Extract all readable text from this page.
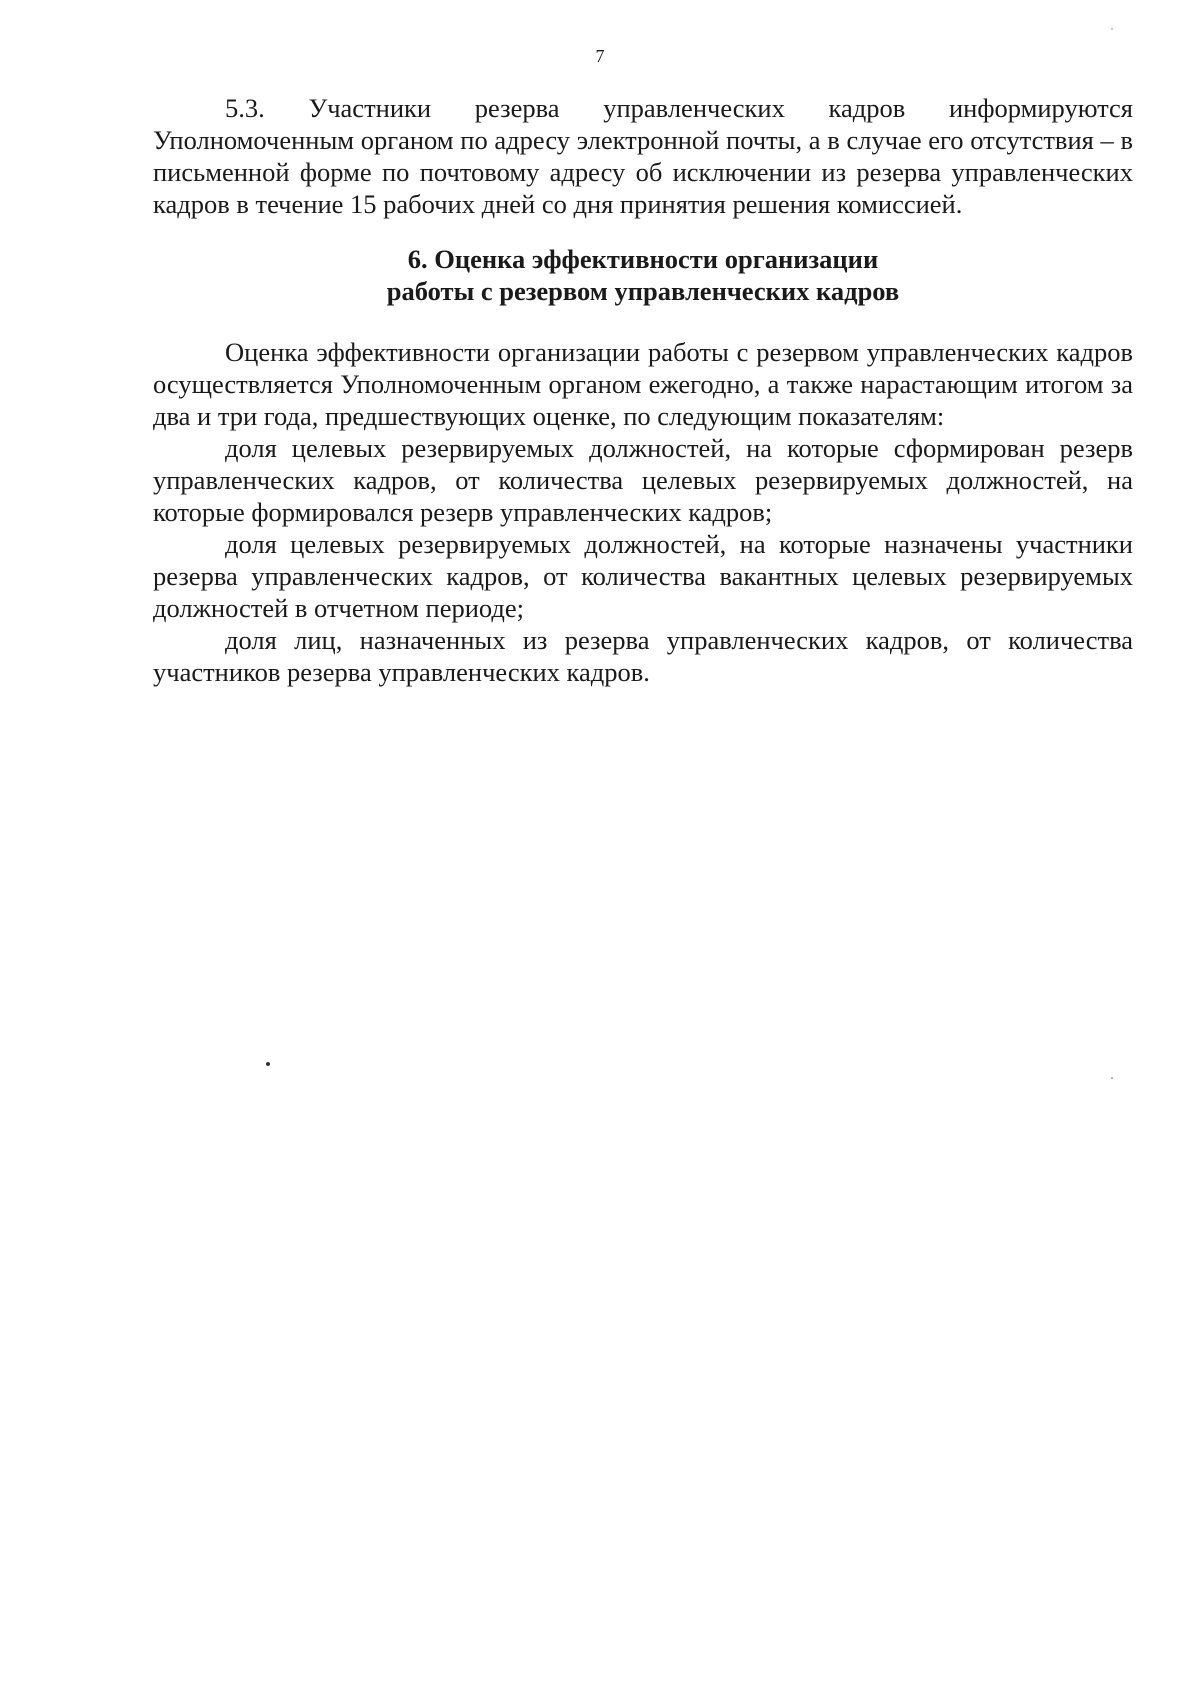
7

5.3. Участники резерва управленческих кадров информируются Уполномоченным органом по адресу электронной почты, а в случае его отсутствия – в письменной форме по почтовому адресу об исключении из резерва управленческих кадров в течение 15 рабочих дней со дня принятия решения комиссией.

6. Оценка эффективности организации
работы с резервом управленческих кадров

Оценка эффективности организации работы с резервом управленческих кадров осуществляется Уполномоченным органом ежегодно, а также нарастающим итогом за два и три года, предшествующих оценке, по следующим показателям:

доля целевых резервируемых должностей, на которые сформирован резерв управленческих кадров, от количества целевых резервируемых должностей, на которые формировался резерв управленческих кадров;

доля целевых резервируемых должностей, на которые назначены участники резерва управленческих кадров, от количества вакантных целевых резервируемых должностей в отчетном периоде;

доля лиц, назначенных из резерва управленческих кадров, от количества участников резерва управленческих кадров.
